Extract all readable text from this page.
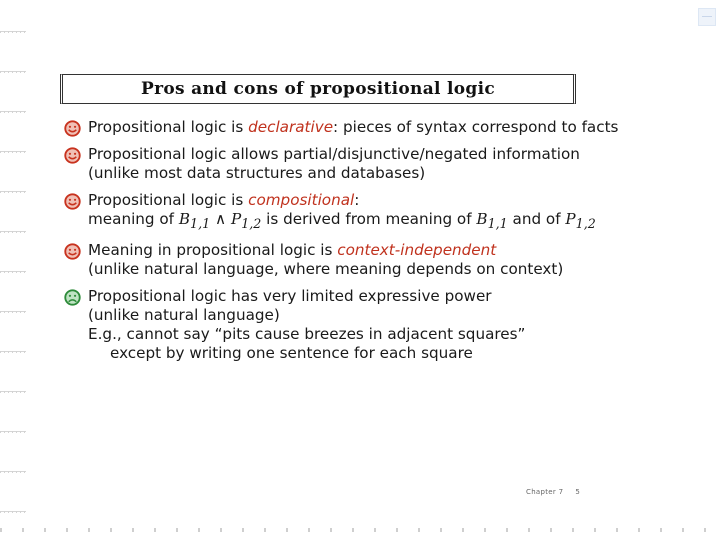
Pros and cons of propositional logic
Propositional logic is declarative: pieces of syntax correspond to facts
Propositional logic allows partial/disjunctive/negated information
(unlike most data structures and databases)
Propositional logic is compositional:
meaning of $B_{1,1}$ ∧ $P_{1,2}$ is derived from meaning of $B_{1,1}$ and of $P_{1,2}$
Meaning in propositional logic is context-independent
(unlike natural language, where meaning depends on context)
Propositional logic has very limited expressive power
(unlike natural language)
E.g., cannot say “pits cause breezes in adjacent squares”
except by writing one sentence for each square
Chapter 7 5
